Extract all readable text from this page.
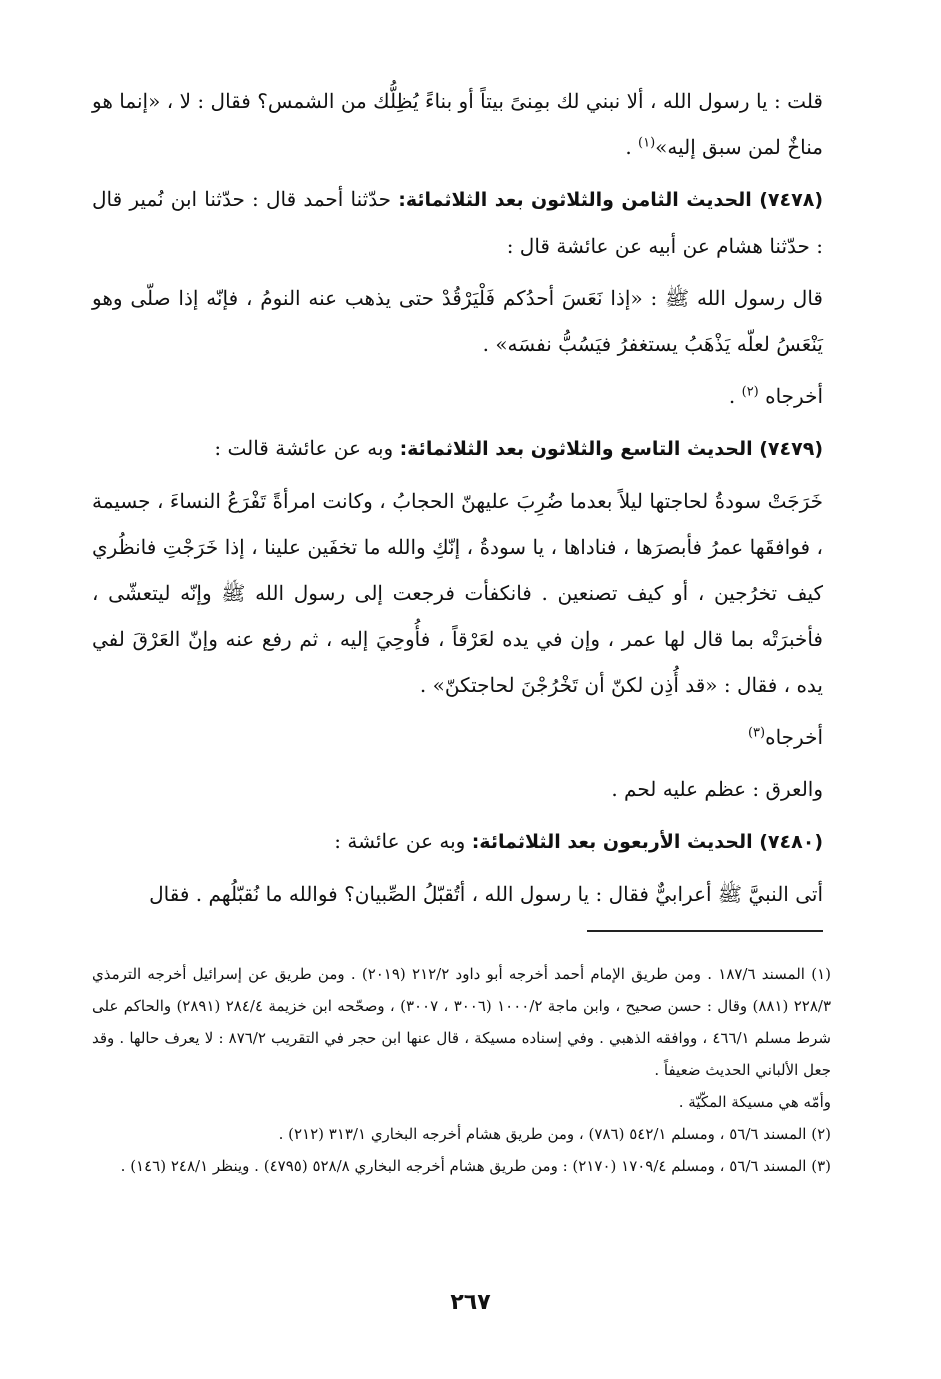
قلت : يا رسول الله ، ألا نبني لك بمِنىً بيتاً أو بناءً يُظِلُّك من الشمس؟ فقال : لا ، «إنما هو مناخٌ لمن سبق إليه»$^{(١)}$ .

(٧٤٧٨) الحديث الثامن والثلاثون بعد الثلاثمائة: حدّثنا أحمد قال : حدّثنا ابن نُمير قال : حدّثنا هشام عن أبيه عن عائشة قال :

قال رسول الله ﷺ : «إذا نَعَسَ أحدُكم فَلْيَرْقُدْ حتى يذهب عنه النومُ ، فإنّه إذا صلّى وهو يَنْعَسُ لعلّه يَذْهَبُ يستغفرُ فيَسُبُّ نفسَه» .

أخرجاه $^{(٢)}$ .

(٧٤٧٩) الحديث التاسع والثلاثون بعد الثلاثمائة: وبه عن عائشة قالت :

خَرَجَتْ سودةُ لحاجتها ليلاً بعدما ضُرِبَ عليهنّ الحجابُ ، وكانت امرأةً تَفْرَعُ النساءَ ، جسيمة ، فوافقَها عمرُ فأبصرَها ، فناداها ، يا سودةُ ، إنّكِ والله ما تخفَين علينا ، إذا خَرَجْتِ فانظُري كيف تخرُجين ، أو كيف تصنعين . فانكفأت فرجعت إلى رسول الله ﷺ وإنّه ليتعشّى ، فأخبرَتْه بما قال لها عمر ، وإن في يده لعَرْقاً ، فأُوحِيَ إليه ، ثم رفع عنه وإنّ العَرْقَ لفي يده ، فقال : «قد أُذِن لكنّ أن تَخْرُجْنَ لحاجتكنّ» .

أخرجاه$^{(٣)}$

والعرق : عظم عليه لحم .

(٧٤٨٠) الحديث الأربعون بعد الثلاثمائة: وبه عن عائشة :

أتى النبيَّ ﷺ أعرابيٌّ فقال : يا رسول الله ، أتُقبّلُ الصِّبيان؟ فوالله ما نُقبّلُهم . فقال

(١) المسند ١٨٧/٦ . ومن طريق الإمام أحمد أخرجه أبو داود ٢١٢/٢ (٢٠١٩) . ومن طريق عن إسرائيل أخرجه الترمذي ٢٢٨/٣ (٨٨١) وقال : حسن صحيح ، وابن ماجة ١٠٠٠/٢ (٣٠٠٦ ، ٣٠٠٧) ، وصحّحه ابن خزيمة ٢٨٤/٤ (٢٨٩١) والحاكم على شرط مسلم ٤٦٦/١ ، ووافقه الذهبي . وفي إسناده مسيكة ، قال عنها ابن حجر في التقريب ٨٧٦/٢ : لا يعرف حالها . وقد جعل الألباني الحديث ضعيفاً .

وأمّه هي مسيكة المكّيّة .

(٢) المسند ٥٦/٦ ، ومسلم ٥٤٢/١ (٧٨٦) ، ومن طريق هشام أخرجه البخاري ٣١٣/١ (٢١٢) .

(٣) المسند ٥٦/٦ ، ومسلم ١٧٠٩/٤ (٢١٧٠) : ومن طريق هشام أخرجه البخاري ٥٢٨/٨ (٤٧٩٥) . وينظر ٢٤٨/١ (١٤٦) .

٢٦٧
